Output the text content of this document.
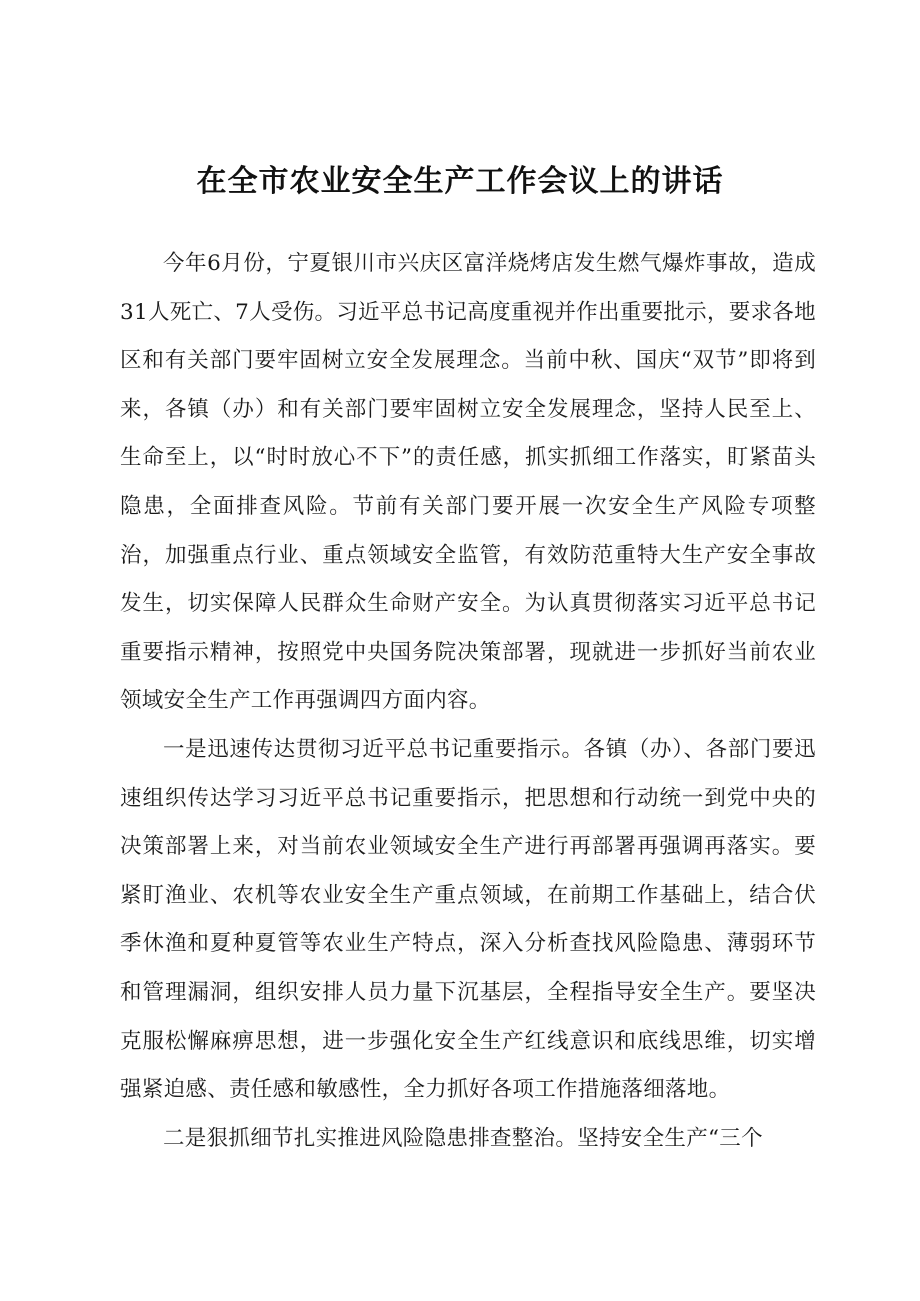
在全市农业安全生产工作会议上的讲话

今年6月份，宁夏银川市兴庆区富洋烧烤店发生燃气爆炸事故，造成31人死亡、7人受伤。习近平总书记高度重视并作出重要批示，要求各地区和有关部门要牢固树立安全发展理念。当前中秋、国庆“双节”即将到来，各镇（办）和有关部门要牢固树立安全发展理念，坚持人民至上、生命至上，以“时时放心不下”的责任感，抓实抓细工作落实，盯紧苗头隐患，全面排查风险。节前有关部门要开展一次安全生产风险专项整治，加强重点行业、重点领域安全监管，有效防范重特大生产安全事故发生，切实保障人民群众生命财产安全。为认真贯彻落实习近平总书记重要指示精神，按照党中央国务院决策部署，现就进一步抓好当前农业领域安全生产工作再强调四方面内容。

一是迅速传达贯彻习近平总书记重要指示。各镇（办）、各部门要迅速组织传达学习习近平总书记重要指示，把思想和行动统一到党中央的决策部署上来，对当前农业领域安全生产进行再部署再强调再落实。要紧盯渔业、农机等农业安全生产重点领域，在前期工作基础上，结合伏季休渔和夏种夏管等农业生产特点，深入分析查找风险隐患、薄弱环节和管理漏洞，组织安排人员力量下沉基层，全程指导安全生产。要坚决克服松懈麻痹思想，进一步强化安全生产红线意识和底线思维，切实增强紧迫感、责任感和敏感性，全力抓好各项工作措施落细落地。

二是狠抓细节扎实推进风险隐患排查整治。坚持安全生产“三个
